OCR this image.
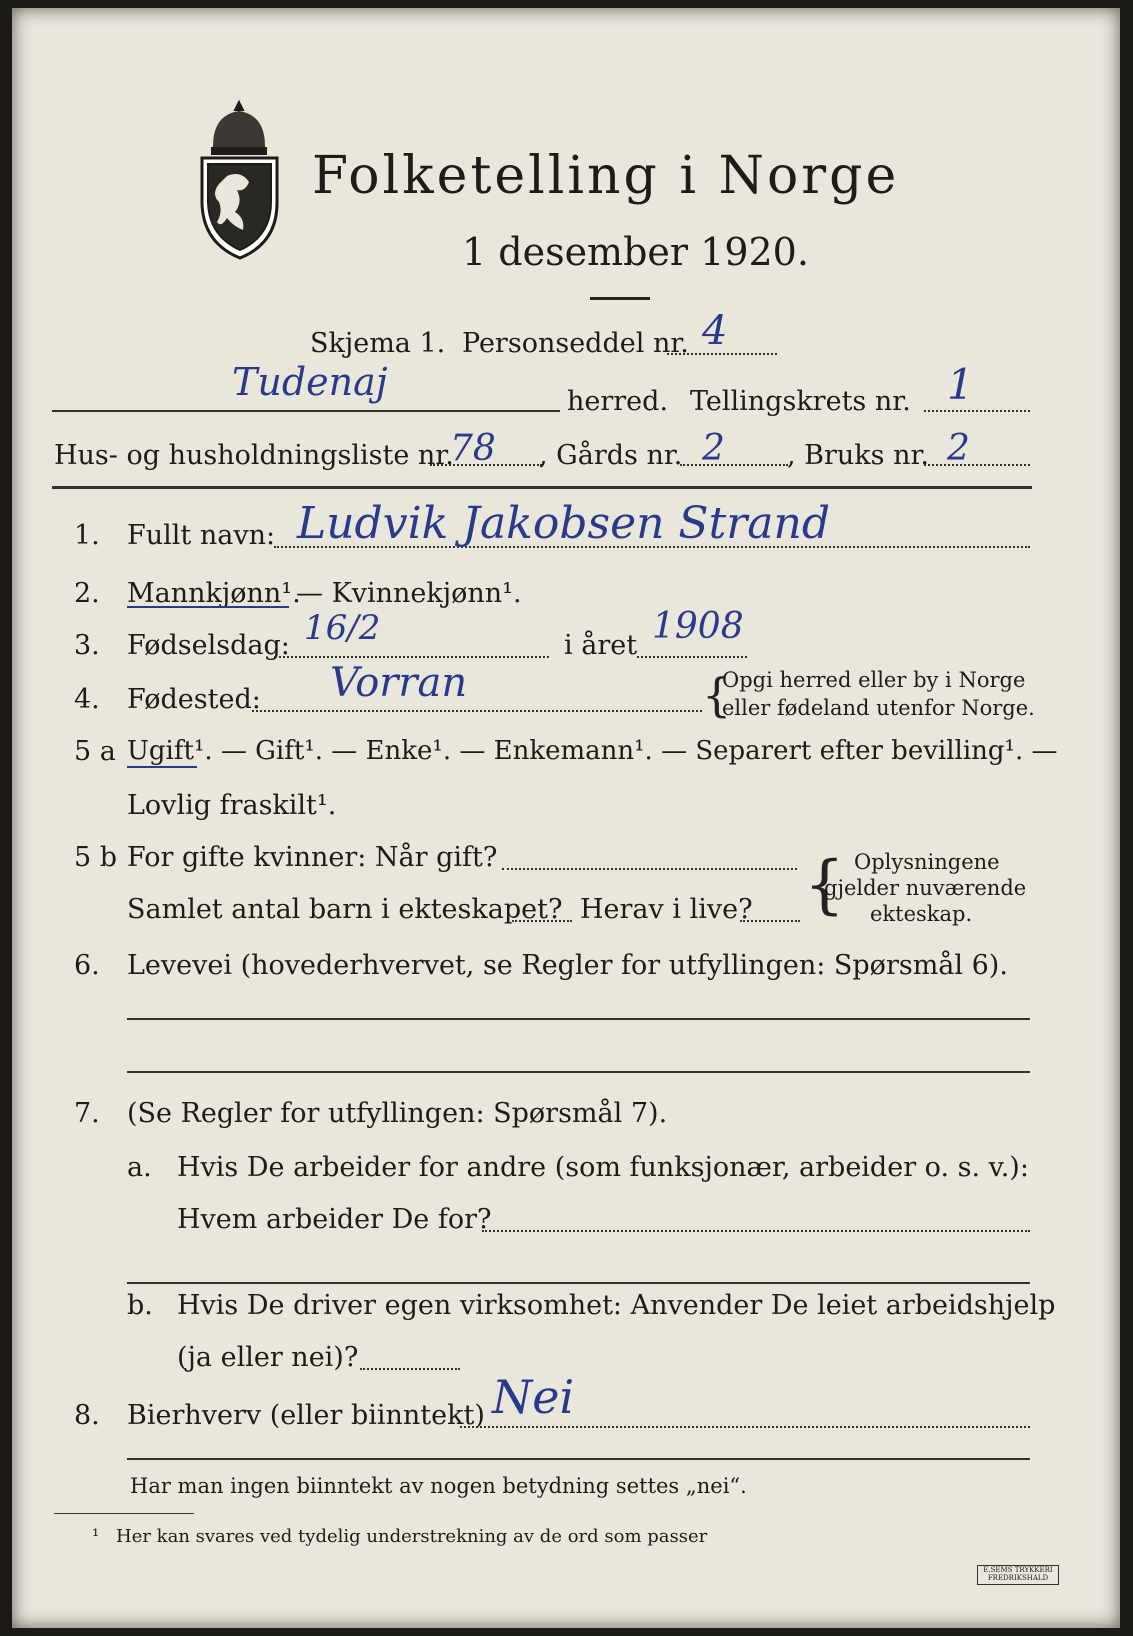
Folketelling i Norge
1 desember 1920.
Skjema 1. Personseddel nr. 4
Tudenaj	herred. Tellingskrets nr. 1
Hus- og husholdningsliste nr.
78 , Gårds nr. 2 , Bruks nr. 2
1. Fullt navn: Ludvik Jakobsen Strand
2. Mannkjønn¹.
— Kvinnekjønn¹.
3. Fødselsdag: 16/2	i året 1908
4. Fødested: Vorran	{
Opgi herred eller by i Norge
eller fødeland utenfor Norge.
5 a Ugift¹. — Gift¹. — Enke¹. — Enkemann¹. — Separert efter bevilling¹. —
Lovlig fraskilt¹.
5 b For gifte kvinner: Når gift?
Samlet antal barn i ekteskapet? Herav i live? { Oplysningene
gjelder nuværende
ekteskap.
6. Levevei (hovederhvervet, se Regler for utfyllingen: Spørsmål 6).
7. (Se Regler for utfyllingen: Spørsmål 7).
a. Hvis De arbeider for andre (som funksjonær, arbeider o. s. v.):
Hvem arbeider De for?
b. Hvis De driver egen virksomhet: Anvender De leiet arbeidshjelp
(ja eller nei)?
8. Bierhverv (eller biinntekt) Nei
Har man ingen biinntekt av nogen betydning settes „nei“.
¹ Her kan svares ved tydelig understrekning av de ord som passer
E.SEMS TRYKKERI FREDRIKSHALD
